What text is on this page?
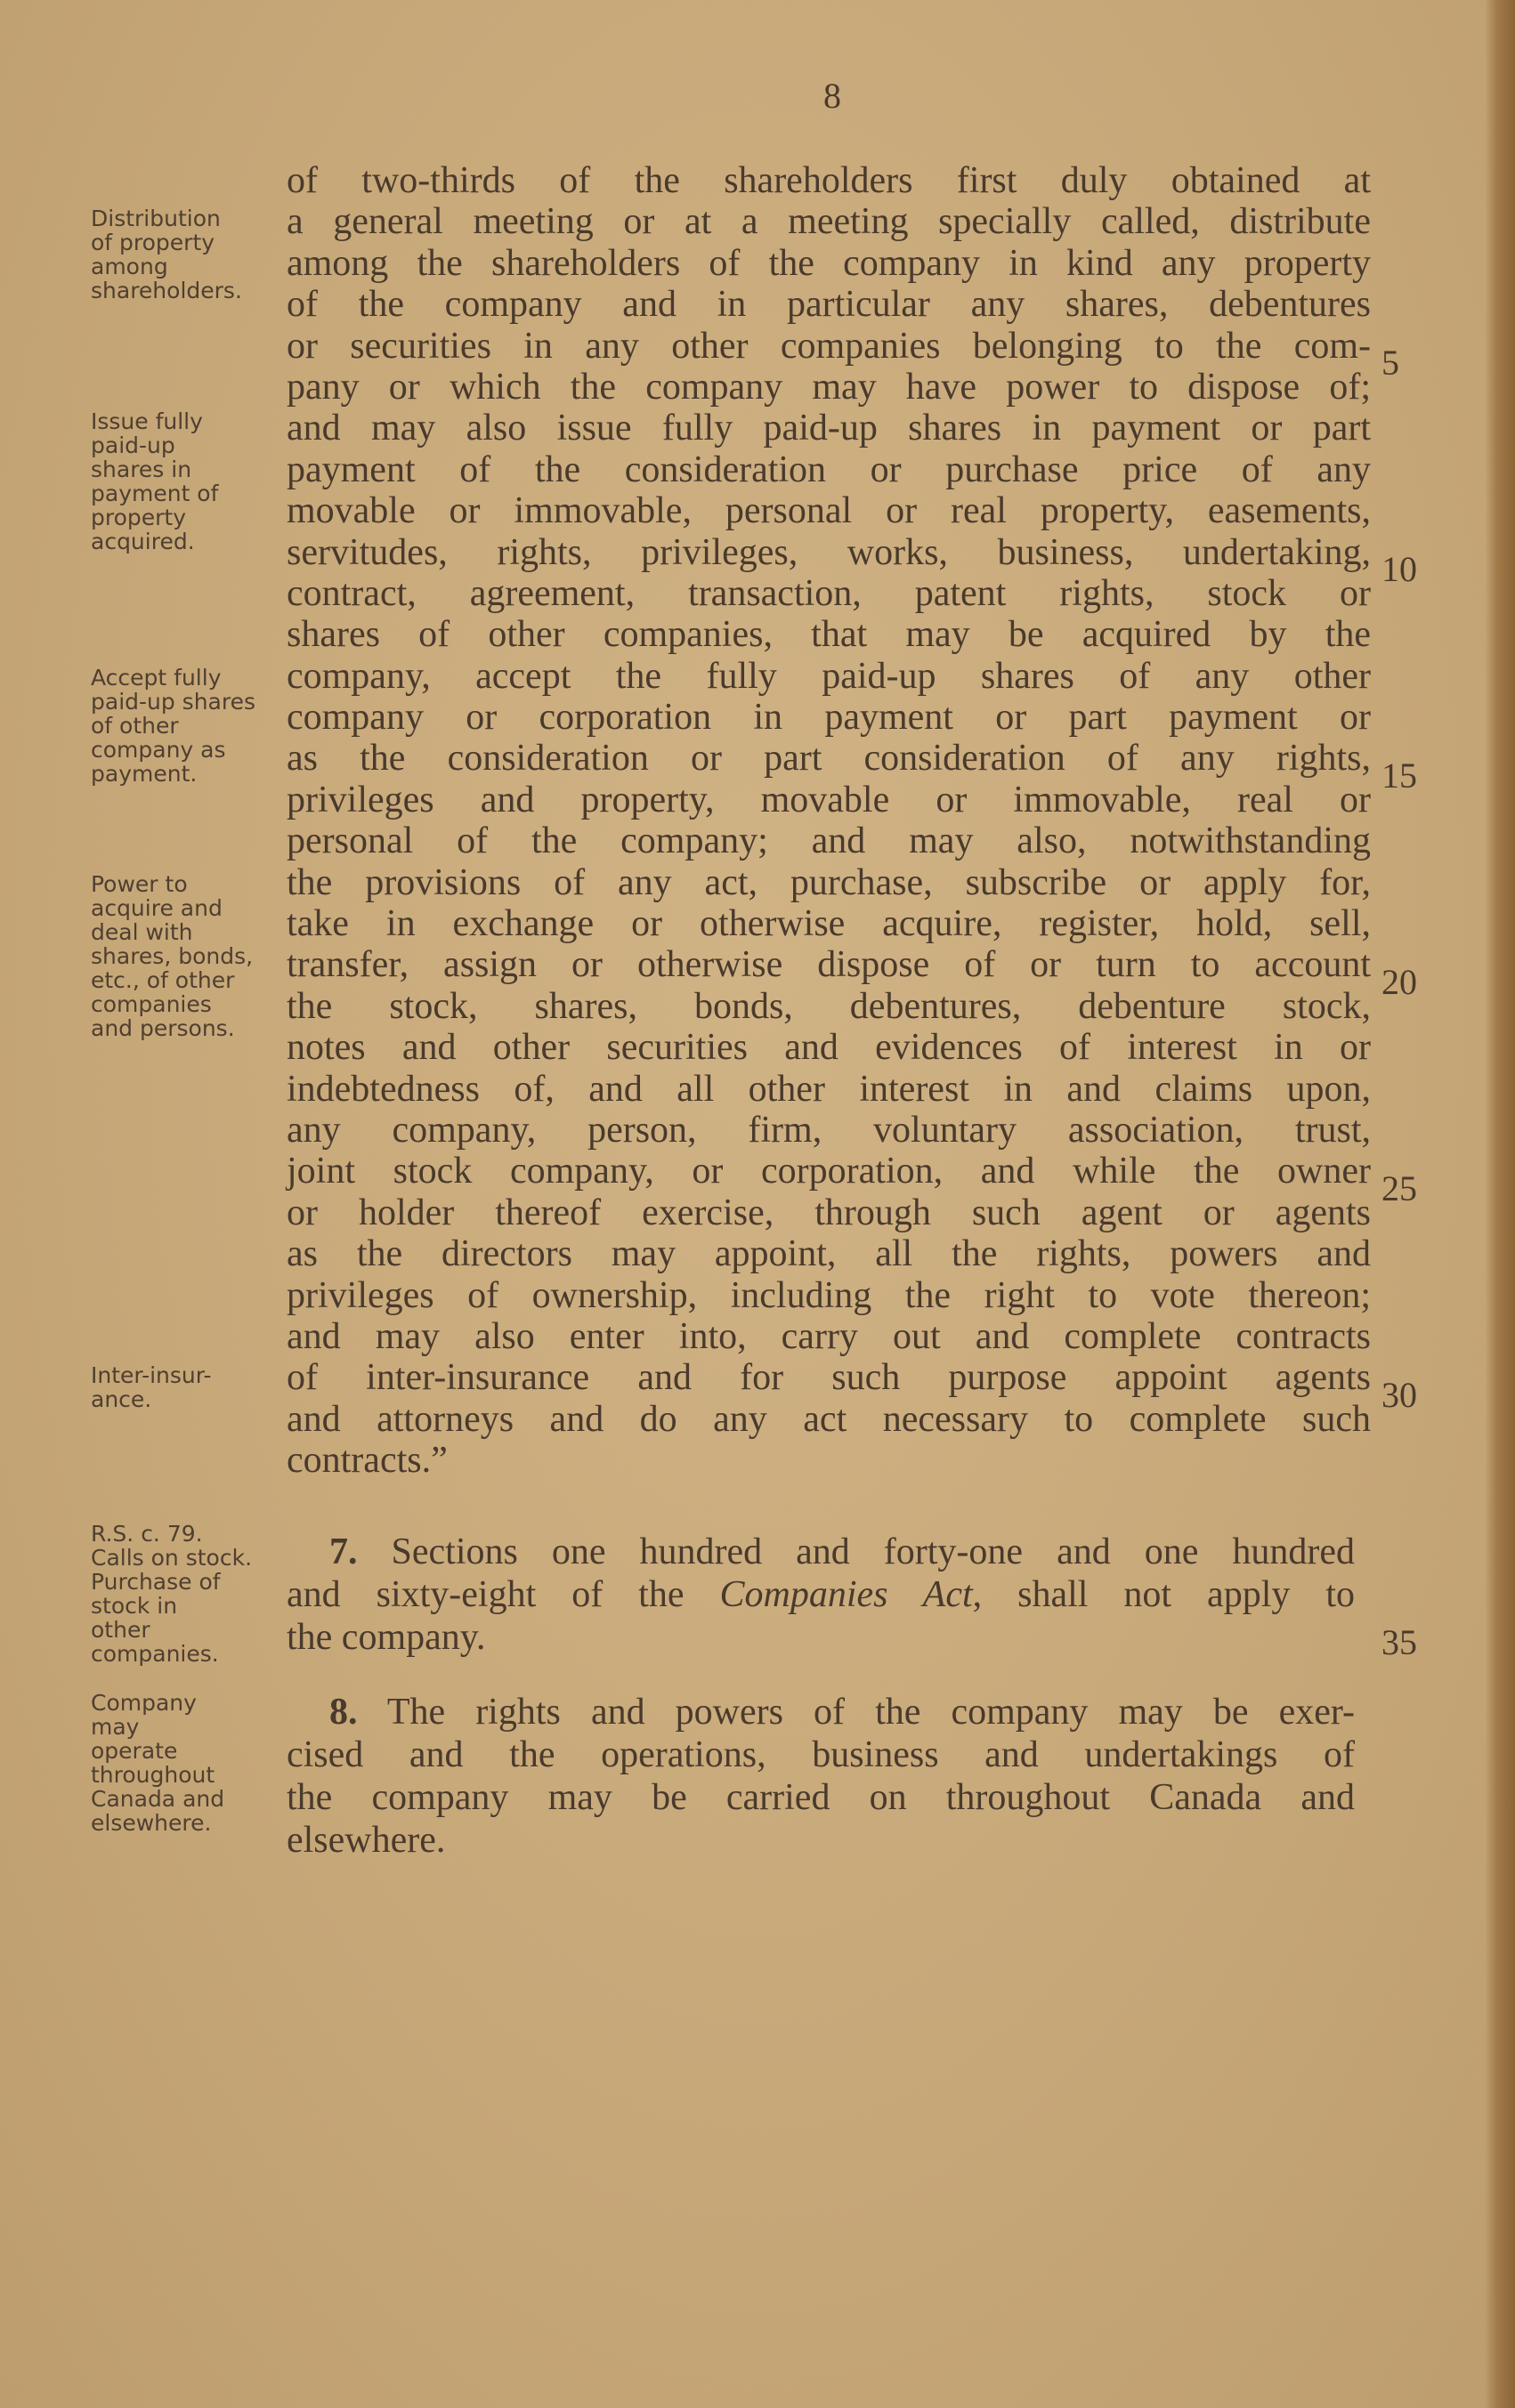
8
of two-thirds of the shareholders first duly obtained at
a general meeting or at a meeting specially called, distribute
among the shareholders of the company in kind any property
of the company and in particular any shares, debentures
or securities in any other companies belonging to the com-
pany or which the company may have power to dispose of;
and may also issue fully paid-up shares in payment or part
payment of the consideration or purchase price of any
movable or immovable, personal or real property, easements,
servitudes, rights, privileges, works, business, undertaking,
contract, agreement, transaction, patent rights, stock or
shares of other companies, that may be acquired by the
company, accept the fully paid-up shares of any other
company or corporation in payment or part payment or
as the consideration or part consideration of any rights,
privileges and property, movable or immovable, real or
personal of the company; and may also, notwithstanding
the provisions of any act, purchase, subscribe or apply for,
take in exchange or otherwise acquire, register, hold, sell,
transfer, assign or otherwise dispose of or turn to account
the stock, shares, bonds, debentures, debenture stock,
notes and other securities and evidences of interest in or
indebtedness of, and all other interest in and claims upon,
any company, person, firm, voluntary association, trust,
joint stock company, or corporation, and while the owner
or holder thereof exercise, through such agent or agents
as the directors may appoint, all the rights, powers and
privileges of ownership, including the right to vote thereon;
and may also enter into, carry out and complete contracts
of inter-insurance and for such purpose appoint agents
and attorneys and do any act necessary to complete such
contracts.”
7. Sections one hundred and forty-one and one hundred
and sixty-eight of the Companies Act, shall not apply to
the company.
8. The rights and powers of the company may be exer-
cised and the operations, business and undertakings of
the company may be carried on throughout Canada and
elsewhere.
5
10
15
20
25
30
35
Distribution
of property
among
shareholders.
Issue fully
paid-up
shares in
payment of
property
acquired.
Accept fully
paid-up shares
of other
company as
payment.
Power to
acquire and
deal with
shares, bonds,
etc., of other
companies
and persons.
Inter-insur-
ance.
R.S. c. 79.
Calls on stock.
Purchase of
stock in
other
companies.
Company
may
operate
throughout
Canada and
elsewhere.
